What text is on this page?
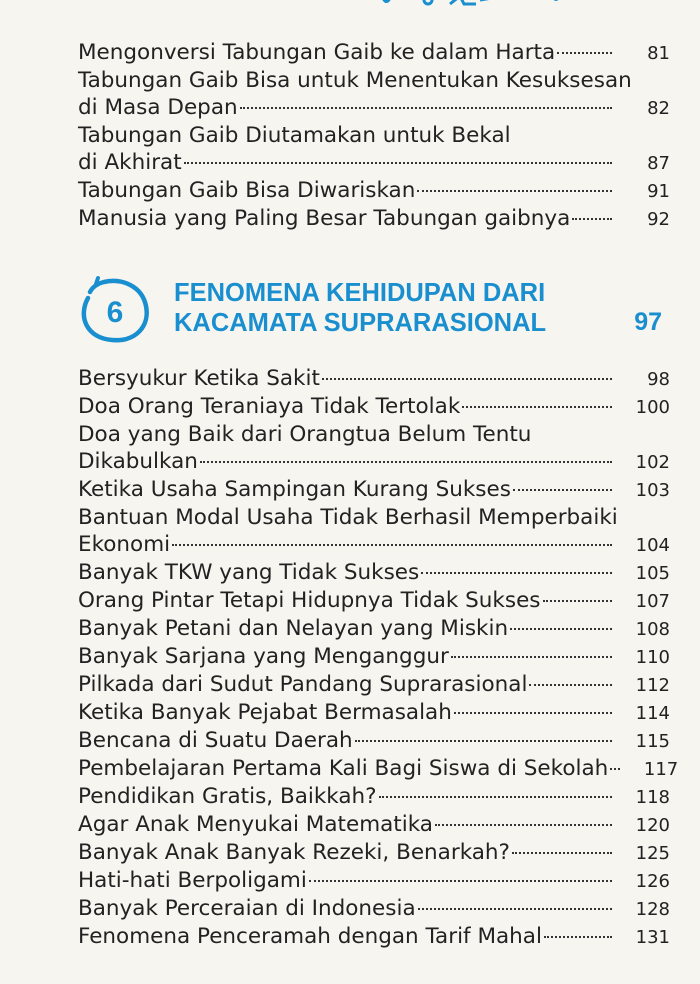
Mengonversi Tabungan Gaib ke dalam Harta	81
Tabungan Gaib Bisa untuk Menentukan Kesuksesan
di Masa Depan	82
Tabungan Gaib Diutamakan untuk Bekal
di Akhirat	87
Tabungan Gaib Bisa Diwariskan	91
Manusia yang Paling Besar Tabungan gaibnya	92
6
FENOMENA KEHIDUPAN DARI
KACAMATA SUPRARASIONAL	97
Bersyukur Ketika Sakit	98
Doa Orang Teraniaya Tidak Tertolak	100
Doa yang Baik dari Orangtua Belum Tentu
Dikabulkan	102
Ketika Usaha Sampingan Kurang Sukses	103
Bantuan Modal Usaha Tidak Berhasil Memperbaiki
Ekonomi	104
Banyak TKW yang Tidak Sukses	105
Orang Pintar Tetapi Hidupnya Tidak Sukses	107
Banyak Petani dan Nelayan yang Miskin	108
Banyak Sarjana yang Menganggur	110
Pilkada dari Sudut Pandang Suprarasional	112
Ketika Banyak Pejabat Bermasalah	114
Bencana di Suatu Daerah	115
Pembelajaran Pertama Kali Bagi Siswa di Sekolah	117
Pendidikan Gratis, Baikkah?	118
Agar Anak Menyukai Matematika	120
Banyak Anak Banyak Rezeki, Benarkah?	125
Hati-hati Berpoligami	126
Banyak Perceraian di Indonesia	128
Fenomena Penceramah dengan Tarif Mahal	131
